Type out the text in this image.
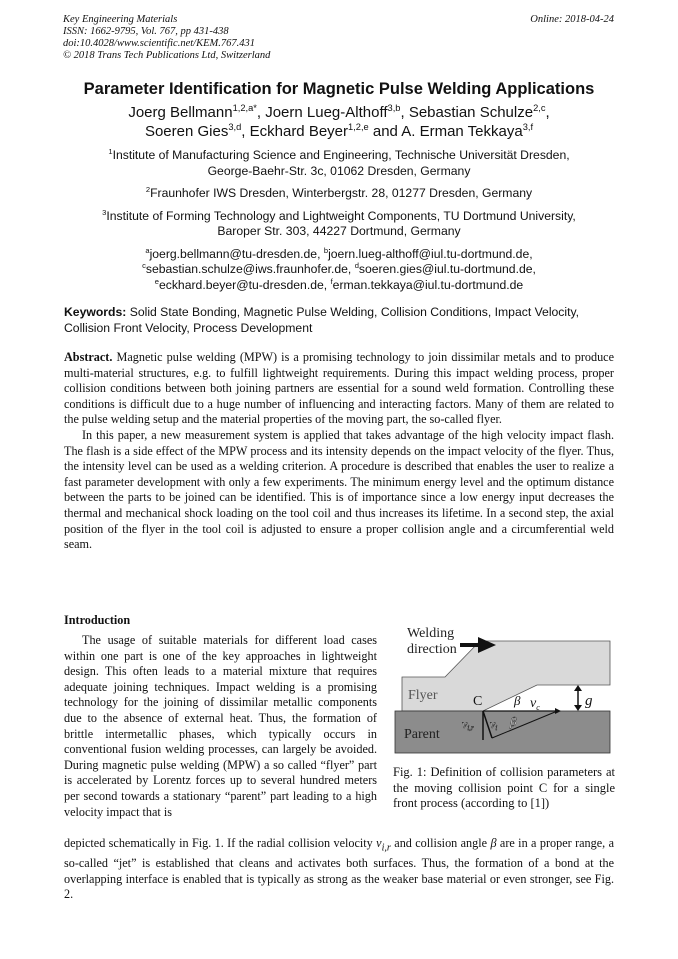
Key Engineering Materials
ISSN: 1662-9795, Vol. 767, pp 431-438
doi:10.4028/www.scientific.net/KEM.767.431
© 2018 Trans Tech Publications Ltd, Switzerland
Online: 2018-04-24
Parameter Identification for Magnetic Pulse Welding Applications
Joerg Bellmann$^{1,2,a*}$, Joern Lueg-Althoff$^{3,b}$, Sebastian Schulze$^{2,c}$,
Soeren Gies$^{3,d}$, Eckhard Beyer$^{1,2,e}$ and A. Erman Tekkaya$^{3,f}$
$^1$Institute of Manufacturing Science and Engineering, Technische Universität Dresden,
George-Baehr-Str. 3c, 01062 Dresden, Germany
$^2$Fraunhofer IWS Dresden, Winterbergstr. 28, 01277 Dresden, Germany
$^3$Institute of Forming Technology and Lightweight Components, TU Dortmund University,
Baroper Str. 303, 44227 Dortmund, Germany
$^a$joerg.bellmann@tu-dresden.de, $^b$joern.lueg-althoff@iul.tu-dortmund.de,
$^c$sebastian.schulze@iws.fraunhofer.de, $^d$soeren.gies@iul.tu-dortmund.de,
$^e$eckhard.beyer@tu-dresden.de, $^f$erman.tekkaya@iul.tu-dortmund.de
Keywords: Solid State Bonding, Magnetic Pulse Welding, Collision Conditions, Impact Velocity, Collision Front Velocity, Process Development

Abstract. Magnetic pulse welding (MPW) is a promising technology to join dissimilar metals and to produce multi-material structures, e.g. to fulfill lightweight requirements. During this impact welding process, proper collision conditions between both joining partners are essential for a sound weld formation. Controlling these conditions is difficult due to a huge number of influencing and interacting factors. Many of them are related to the pulse welding setup and the material properties of the moving part, the so-called flyer.

In this paper, a new measurement system is applied that takes advantage of the high velocity impact flash. The flash is a side effect of the MPW process and its intensity depends on the impact velocity of the flyer. Thus, the intensity level can be used as a welding criterion. A procedure is described that enables the user to realize a fast parameter development with only a few experiments. The minimum energy level and the optimum distance between the parts to be joined can be identified. This is of importance since a low energy input decreases the thermal and mechanical shock loading on the tool coil and thus increases its lifetime. In a second step, the axial position of the flyer in the tool coil is adjusted to ensure a proper collision angle and a circumferential weld seam.

Introduction

The usage of suitable materials for different load cases within one part is one of the key approaches in lightweight design. This often leads to a material mixture that requires adequate joining techniques. Impact welding is a promising technology for the joining of dissimilar metallic components due to the absence of external heat. Thus, the formation of brittle intermetallic phases, which typically occurs in conventional fusion welding processes, can largely be avoided. During magnetic pulse welding (MPW) a so called “flyer” part is accelerated by Lorentz forces up to several hundred meters per second towards a stationary “parent” part leading to a high velocity impact that is

depicted schematically in Fig. 1. If the radial collision velocity $v_{i,r}$ and collision angle β are in a proper range, a so-called “jet” is established that cleans and activates both surfaces. Thus, the formation of a bond at the overlapping interface is enabled that is typically as strong as the weaker base material or even stronger, see Fig. 2.

Welding
direction
Flyer
Parent
C	$v_c$
β	g
vi,r vi β
Fig. 1: Definition of collision parameters at the moving collision point C for a single front process (according to [1])
